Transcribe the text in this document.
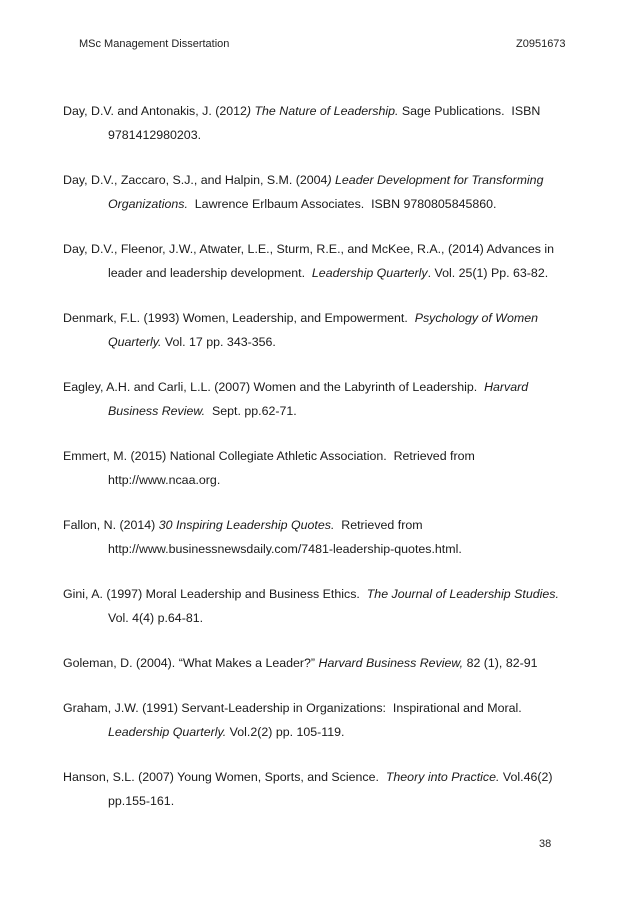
MSc Management Dissertation	Z0951673
Day, D.V. and Antonakis, J. (2012) The Nature of Leadership. Sage Publications.  ISBN 9781412980203.
Day, D.V., Zaccaro, S.J., and Halpin, S.M. (2004) Leader Development for Transforming Organizations.  Lawrence Erlbaum Associates.  ISBN 9780805845860.
Day, D.V., Fleenor, J.W., Atwater, L.E., Sturm, R.E., and McKee, R.A., (2014) Advances in leader and leadership development.  Leadership Quarterly. Vol. 25(1) Pp. 63-82.
Denmark, F.L. (1993) Women, Leadership, and Empowerment.  Psychology of Women Quarterly. Vol. 17 pp. 343-356.
Eagley, A.H. and Carli, L.L. (2007) Women and the Labyrinth of Leadership.  Harvard Business Review.  Sept. pp.62-71.
Emmert, M. (2015) National Collegiate Athletic Association.  Retrieved from http://www.ncaa.org.
Fallon, N. (2014) 30 Inspiring Leadership Quotes.  Retrieved from http://www.businessnewsdaily.com/7481-leadership-quotes.html.
Gini, A. (1997) Moral Leadership and Business Ethics.  The Journal of Leadership Studies. Vol. 4(4) p.64-81.
Goleman, D. (2004). “What Makes a Leader?” Harvard Business Review, 82 (1), 82-91
Graham, J.W. (1991) Servant-Leadership in Organizations:  Inspirational and Moral. Leadership Quarterly. Vol.2(2) pp. 105-119.
Hanson, S.L. (2007) Young Women, Sports, and Science.  Theory into Practice. Vol.46(2) pp.155-161.
38
